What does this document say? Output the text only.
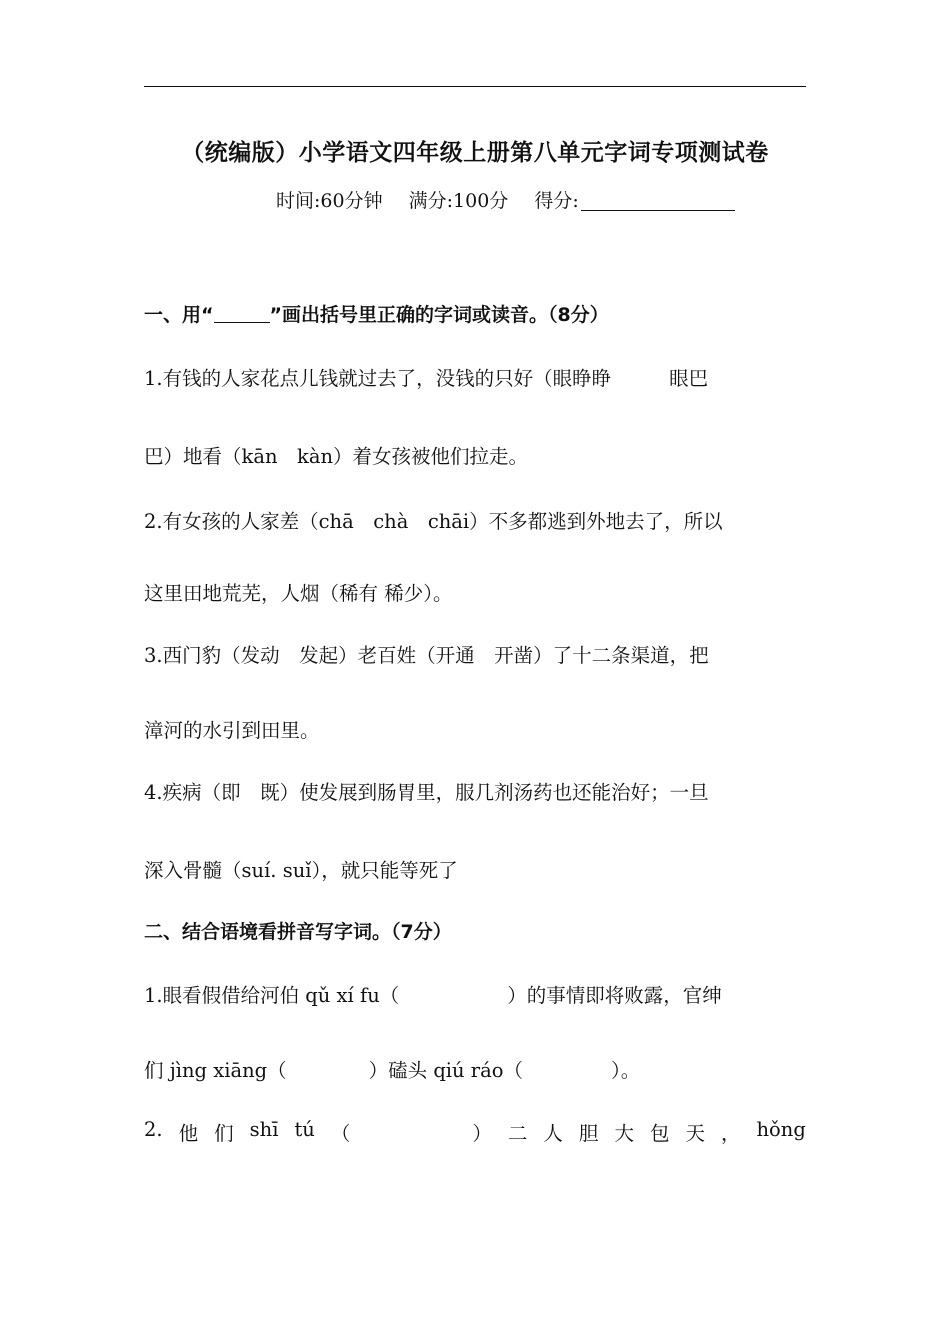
（统编版）小学语文四年级上册第八单元字词专项测试卷
时间:60分钟 满分:100分 得分:
一、用“	”画出括号里正确的字词或读音。（8分）
1.有钱的人家花点儿钱就过去了，没钱的只好（眼睁睁	眼巴
巴）地看（kān　kàn）着女孩被他们拉走。
2.有女孩的人家差（chā　chà　chāi）不多都逃到外地去了，所以
这里田地荒芜，人烟（稀有 稀少）。
3.西门豹（发动　发起）老百姓（开通　开凿）了十二条渠道，把
漳河的水引到田里。
4.疾病（即　既）使发展到肠胃里，服几剂汤药也还能治好；一旦
深入骨髓（suí. suǐ），就只能等死了
二、结合语境看拼音写字词。（7分）
1.眼看假借给河伯 qǔ xí fu（	）的事情即将败露，官绅
们 jìng xiāng（	）磕头 qiú ráo（	）。
2. 他 们 shī tú （	） 二 人 胆 大 包 天 ， hǒng
